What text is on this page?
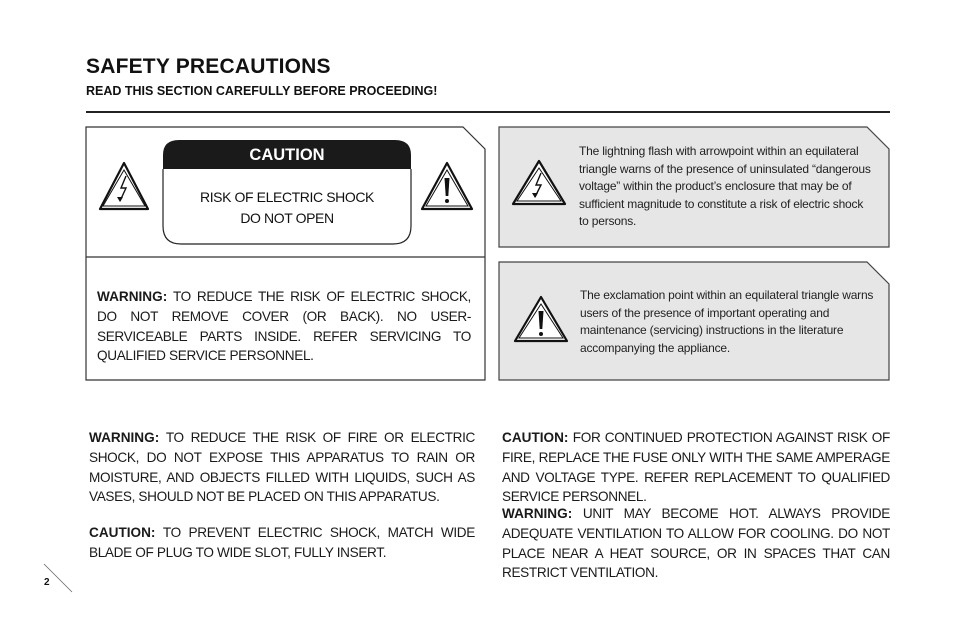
SAFETY PRECAUTIONS
READ THIS SECTION CAREFULLY BEFORE PROCEEDING!
CAUTION
RISK OF ELECTRIC SHOCK
DO NOT OPEN
WARNING: TO REDUCE THE RISK OF ELECTRIC SHOCK, DO NOT REMOVE COVER (OR BACK). NO USER-SERVICEABLE PARTS INSIDE. REFER SERVICING TO QUALIFIED SERVICE PERSONNEL.
The lightning flash with arrowpoint within an equilateral triangle warns of the presence of uninsulated “dangerous voltage” within the product’s enclosure that may be of sufficient magnitude to constitute a risk of electric shock to persons.
The exclamation point within an equilateral triangle warns users of the presence of important operating and maintenance (servicing) instructions in the literature accompanying the appliance.
WARNING: TO REDUCE THE RISK OF FIRE OR ELECTRIC SHOCK, DO NOT EXPOSE THIS APPARATUS TO RAIN OR MOISTURE, AND OBJECTS FILLED WITH LIQUIDS, SUCH AS VASES, SHOULD NOT BE PLACED ON THIS APPARATUS.
CAUTION: TO PREVENT ELECTRIC SHOCK, MATCH WIDE BLADE OF PLUG TO WIDE SLOT, FULLY INSERT.
CAUTION: FOR CONTINUED PROTECTION AGAINST RISK OF FIRE, REPLACE THE FUSE ONLY WITH THE SAME AMPERAGE AND VOLTAGE TYPE. REFER REPLACEMENT TO QUALIFIED SERVICE PERSONNEL.
WARNING: UNIT MAY BECOME HOT. ALWAYS PROVIDE ADEQUATE VENTILATION TO ALLOW FOR COOLING. DO NOT PLACE NEAR A HEAT SOURCE, OR IN SPACES THAT CAN RESTRICT VENTILATION.
2
